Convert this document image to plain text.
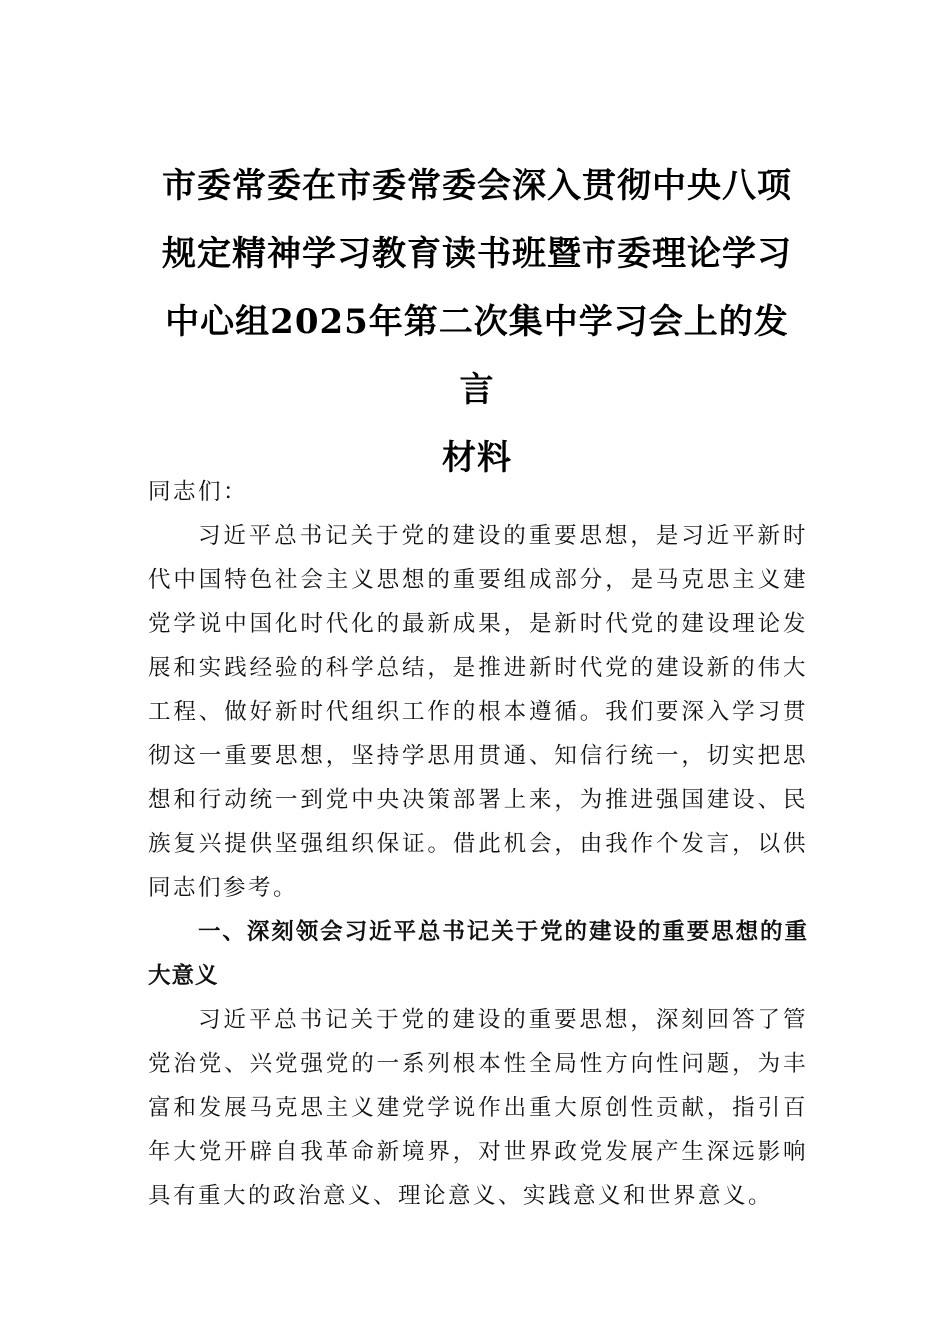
市委常委在市委常委会深入贯彻中央八项
规定精神学习教育读书班暨市委理论学习
中心组2025年第二次集中学习会上的发言
材料

同志们：

习近平总书记关于党的建设的重要思想，是习近平新时代中国特色社会主义思想的重要组成部分，是马克思主义建党学说中国化时代化的最新成果，是新时代党的建设理论发展和实践经验的科学总结，是推进新时代党的建设新的伟大工程、做好新时代组织工作的根本遵循。我们要深入学习贯彻这一重要思想，坚持学思用贯通、知信行统一，切实把思想和行动统一到党中央决策部署上来，为推进强国建设、民族复兴提供坚强组织保证。借此机会，由我作个发言，以供同志们参考。

一、深刻领会习近平总书记关于党的建设的重要思想的重大意义

习近平总书记关于党的建设的重要思想，深刻回答了管党治党、兴党强党的一系列根本性全局性方向性问题，为丰富和发展马克思主义建党学说作出重大原创性贡献，指引百年大党开辟自我革命新境界，对世界政党发展产生深远影响具有重大的政治意义、理论意义、实践意义和世界意义。
